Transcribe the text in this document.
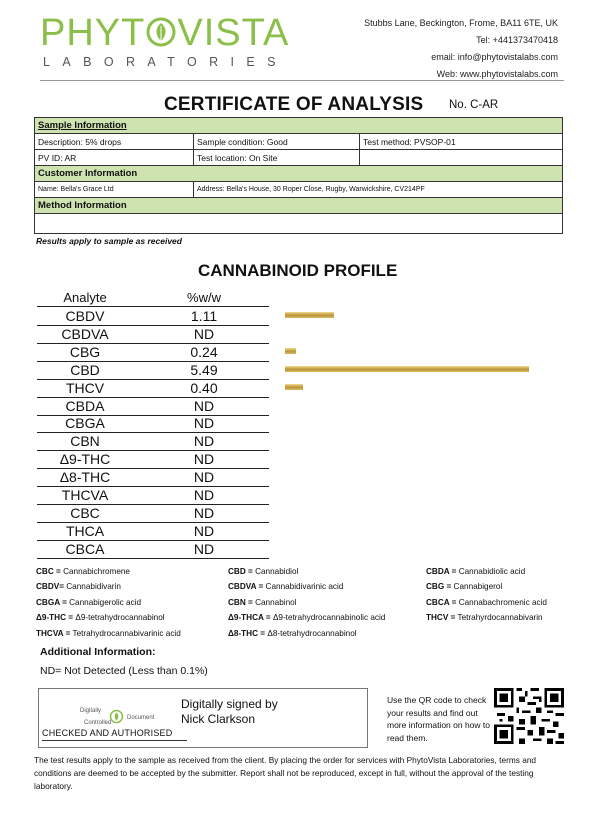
PHYT VISTA
LABORATORIES
Stubbs Lane, Beckington, Frome, BA11 6TE, UK
Tel: +441373470418
email: info@phytovistalabs.com
Web: www.phytovistalabs.com
CERTIFICATE OF ANALYSIS No. C-AR
Sample Information		
Description: 5% drops	Sample condition: Good	Test method: PVSOP-01
PV ID: AR	Test location: On Site	
Customer Information		
Name: Bella's Grace Ltd	Address: Bella's House, 30 Roper Close, Rugby, Warwickshire, CV214PF	
Method Information		

Results apply to sample as received
CANNABINOID PROFILE
Analyte	%w/w
CBDV	1.11
CBDVA	ND
CBG	0.24
CBD	5.49
THCV	0.40
CBDA	ND
CBGA	ND
CBN	ND
Δ9-THC	ND
Δ8-THC	ND
THCVA	ND
CBC	ND
THCA	ND
CBCA	ND
CBC = Cannabichromene	CBD = Cannabidiol	CBDA = Cannabidiolic acid
CBDV= Cannabidivarin	CBDVA = Cannabidivarinic acid	CBG = Cannabigerol
CBGA = Cannabigerolic acid	CBN = Cannabinol	CBCA = Cannabachromenic acid
Δ9-THC = Δ9-tetrahydrocannabinol	Δ9-THCA = Δ9-tetrahydrocannabinolic acid	THCV = Tetrahyrdocannabivarin
THCVA = Tetrahydrocannabivarinic acid	Δ8-THC = Δ8-tetrahydrocannabinol
Additional Information:
ND= Not Detected (Less than 0.1%)
Digitally
Document
Controlled
CHECKED AND AUTHORISED
Digitally signed by
Nick Clarkson
Use the QR code to check your results and find out more information on how to read them.
The test results apply to the sample as received from the client. By placing the order for services with PhytoVista Laboratories, terms and conditions are deemed to be accepted by the submitter. Report shall not be reproduced, except in full, without the approval of the testing laboratory.
